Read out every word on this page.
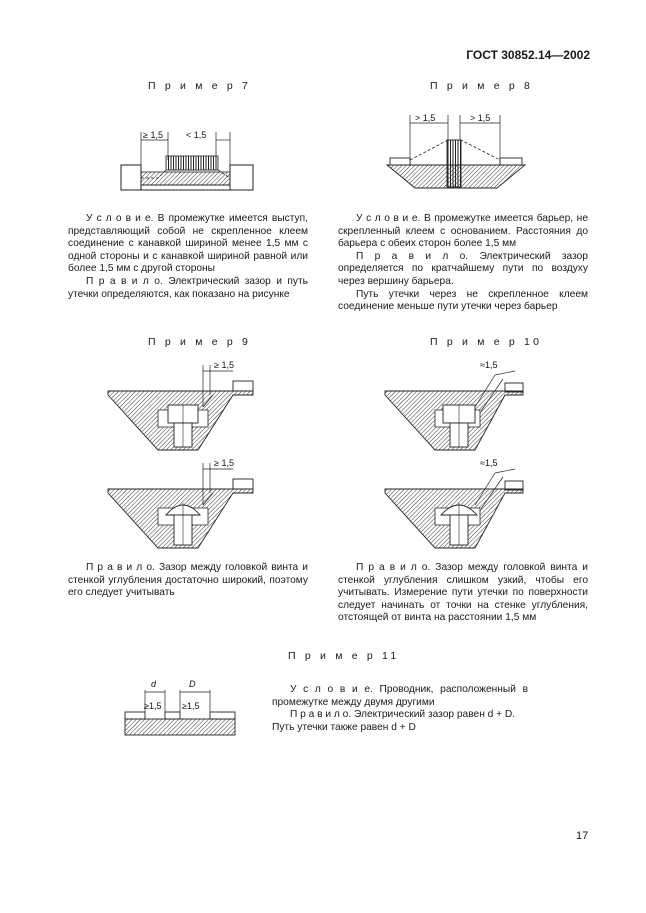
ГОСТ 30852.14—2002
П р и м е р 7
≥ 1,5	< 1,5

У с л о в и е. В промежутке имеется выступ, представляющий собой не скрепленное клеем соединение с канавкой шириной менее 1,5 мм с одной стороны и с канавкой шириной равной или более 1,5 мм с другой стороны

П р а в и л о. Электрический зазор и путь утечки определяются, как показано на рисунке

П р и м е р 8
> 1,5	> 1,5

У с л о в и е. В промежутке имеется барьер, не скрепленный клеем с основанием. Расстояния до барьера с обеих сторон более 1,5 мм

П р а в и л о. Электрический зазор определяется по кратчайшему пути по воздуху через вершину барьера.

Путь утечки через не скрепленное клеем соединение меньше пути утечки через барьер

П р и м е р 9
≥ 1,5
≥ 1,5

П р а в и л о. Зазор между головкой винта и стенкой углубления достаточно широкий, поэтому его следует учитывать

П р и м е р 10
≈1,5
≈1,5

П р а в и л о. Зазор между головкой винта и стенкой углубления слишком узкий, чтобы его учитывать. Измерение пути утечки по поверхности следует начинать от точки на стенке углубления, отстоящей от винта на расстоянии 1,5 мм

П р и м е р 11
d	D
≥1,5 ≥1,5

У с л о в и е. Проводник, расположенный в промежутке между двумя другими

П р а в и л о. Электрический зазор равен d + D.

Путь утечки также равен d + D

17
